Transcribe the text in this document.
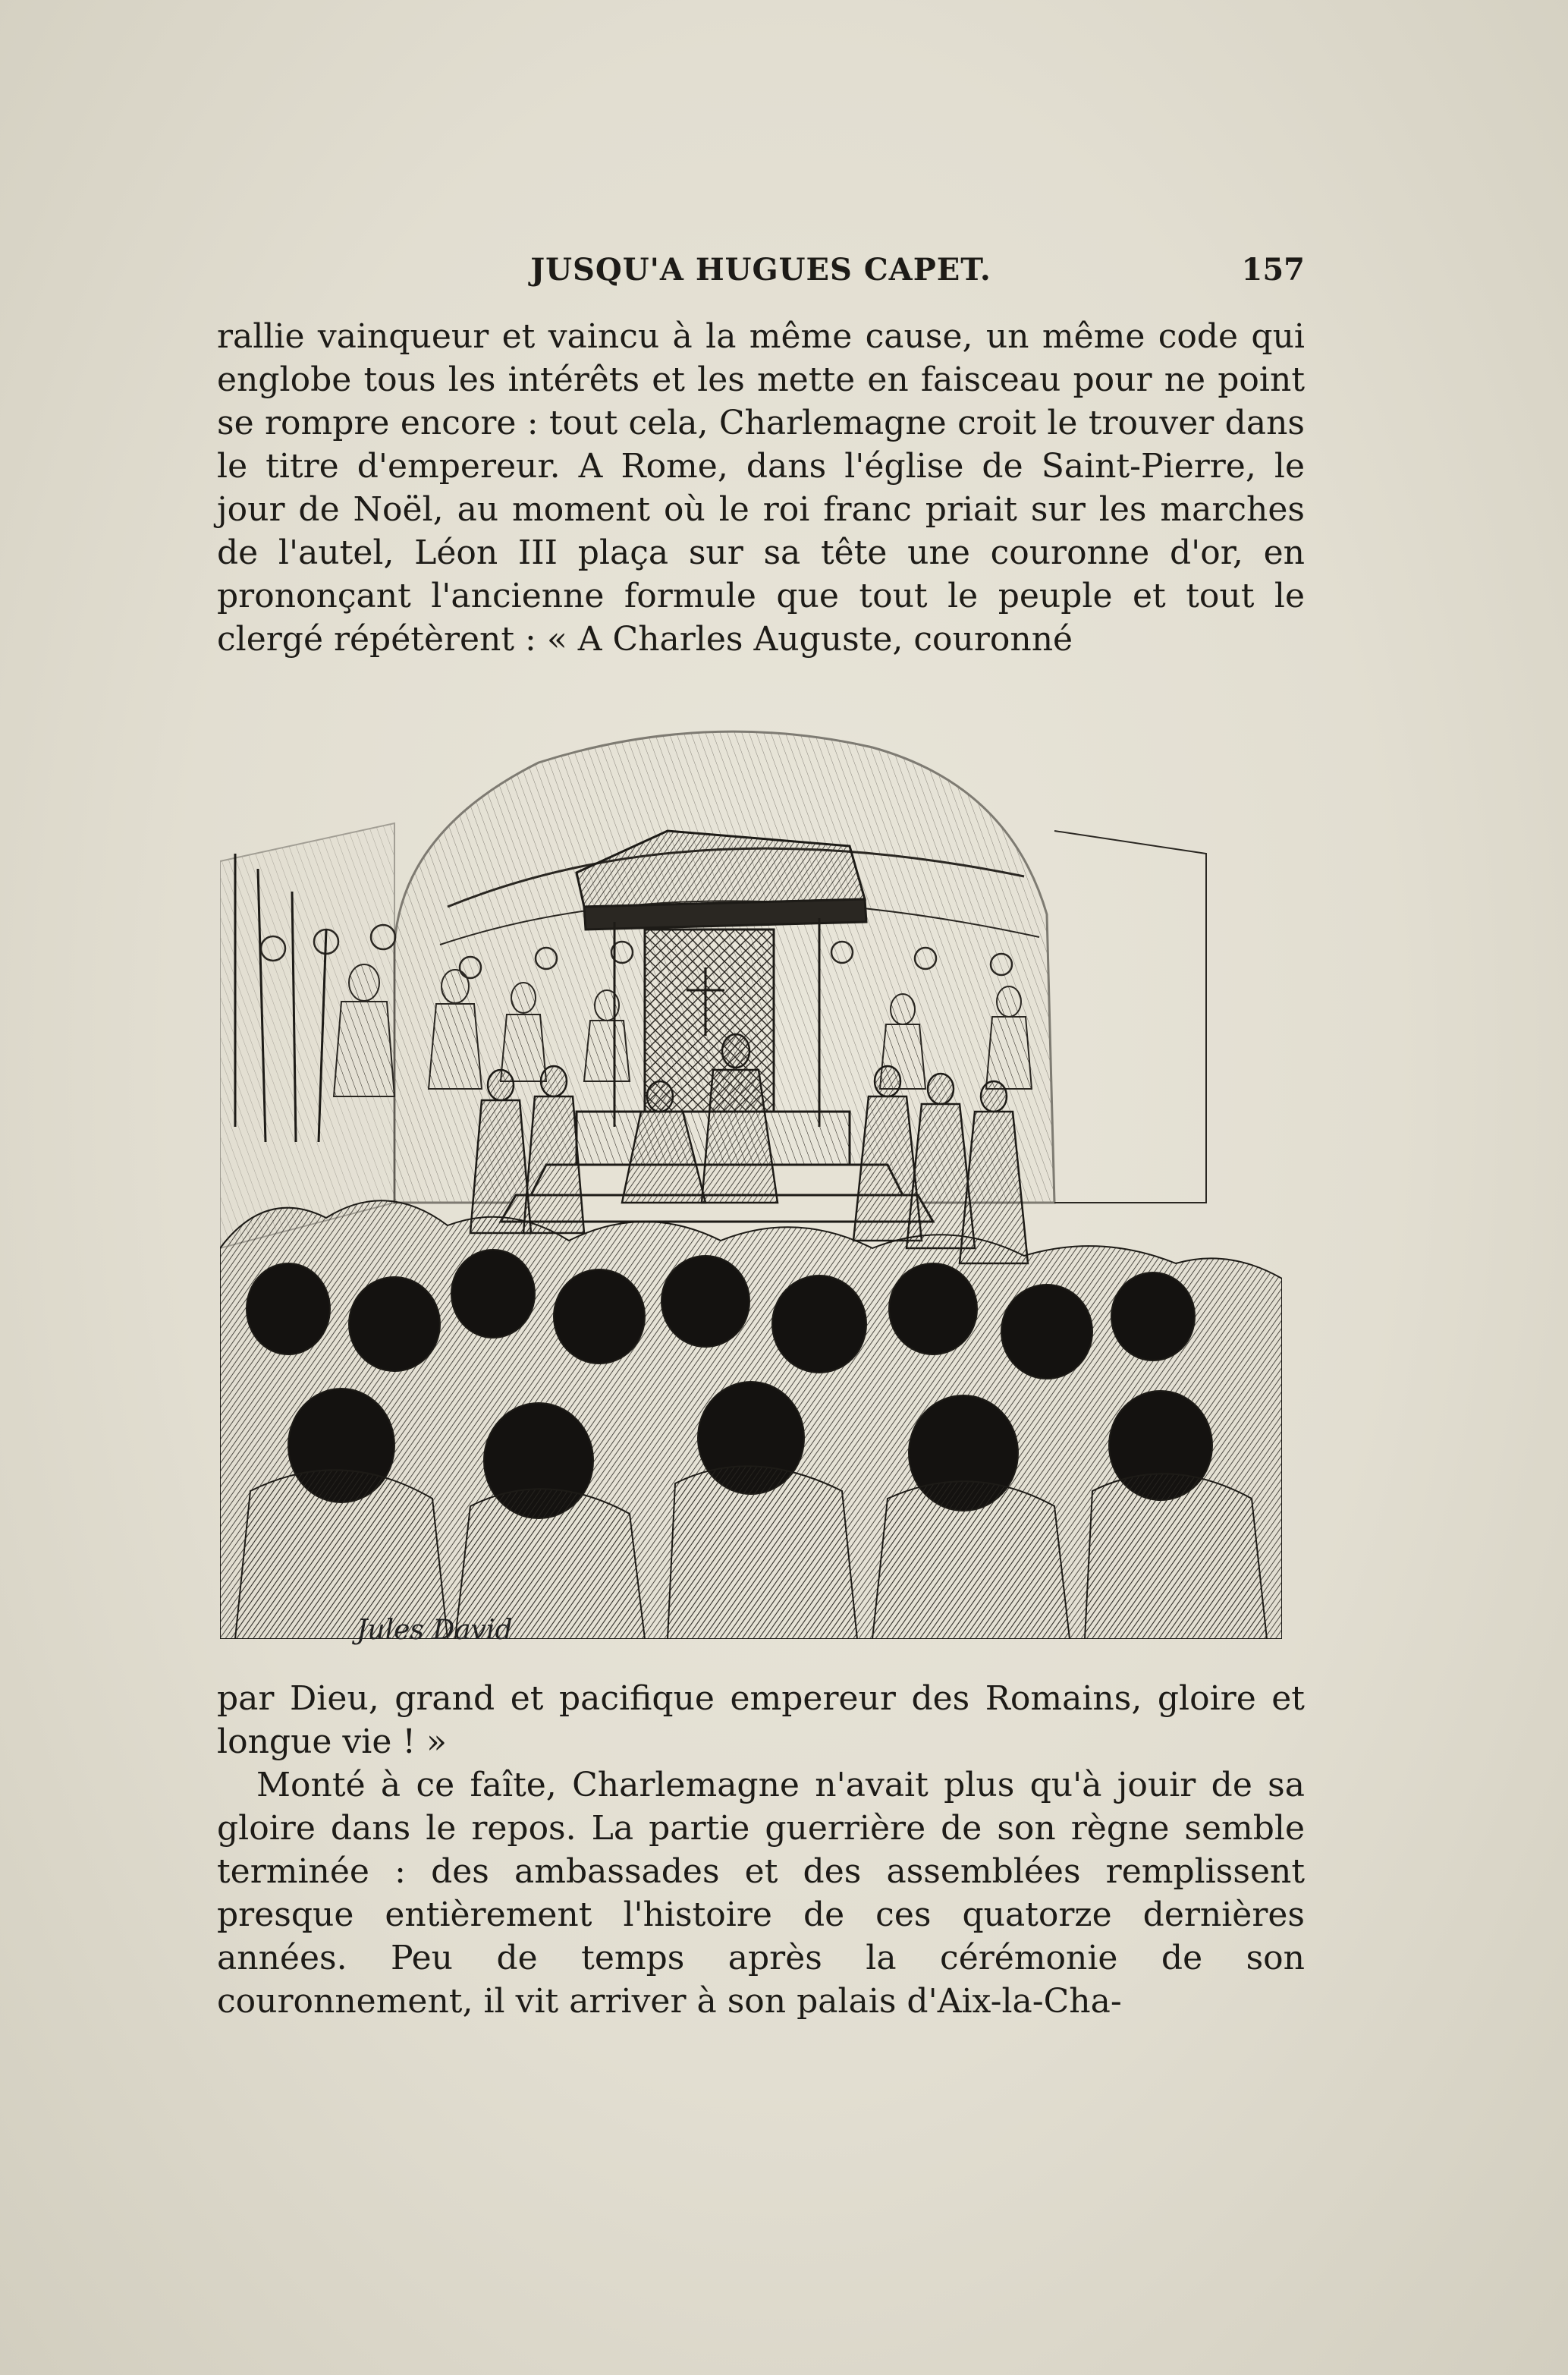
JUSQU'A HUGUES CAPET.	157

rallie vainqueur et vaincu à la même cause, un même code qui englobe tous les intérêts et les mette en faisceau pour ne point se rompre encore : tout cela, Charlemagne croit le trouver dans le titre d'empereur. A Rome, dans l'église de Saint-Pierre, le jour de Noël, au moment où le roi franc priait sur les marches de l'autel, Léon III plaça sur sa tête une couronne d'or, en prononçant l'ancienne formule que tout le peuple et tout le clergé répétèrent : « A Charles Auguste, couronné

Jules David

par Dieu, grand et pacifique empereur des Romains, gloire et longue vie ! »

Monté à ce faîte, Charlemagne n'avait plus qu'à jouir de sa gloire dans le repos. La partie guerrière de son règne semble terminée : des ambassades et des assemblées remplissent presque entièrement l'histoire de ces quatorze dernières années. Peu de temps après la cérémonie de son couronnement, il vit arriver à son palais d'Aix-la-Cha-
